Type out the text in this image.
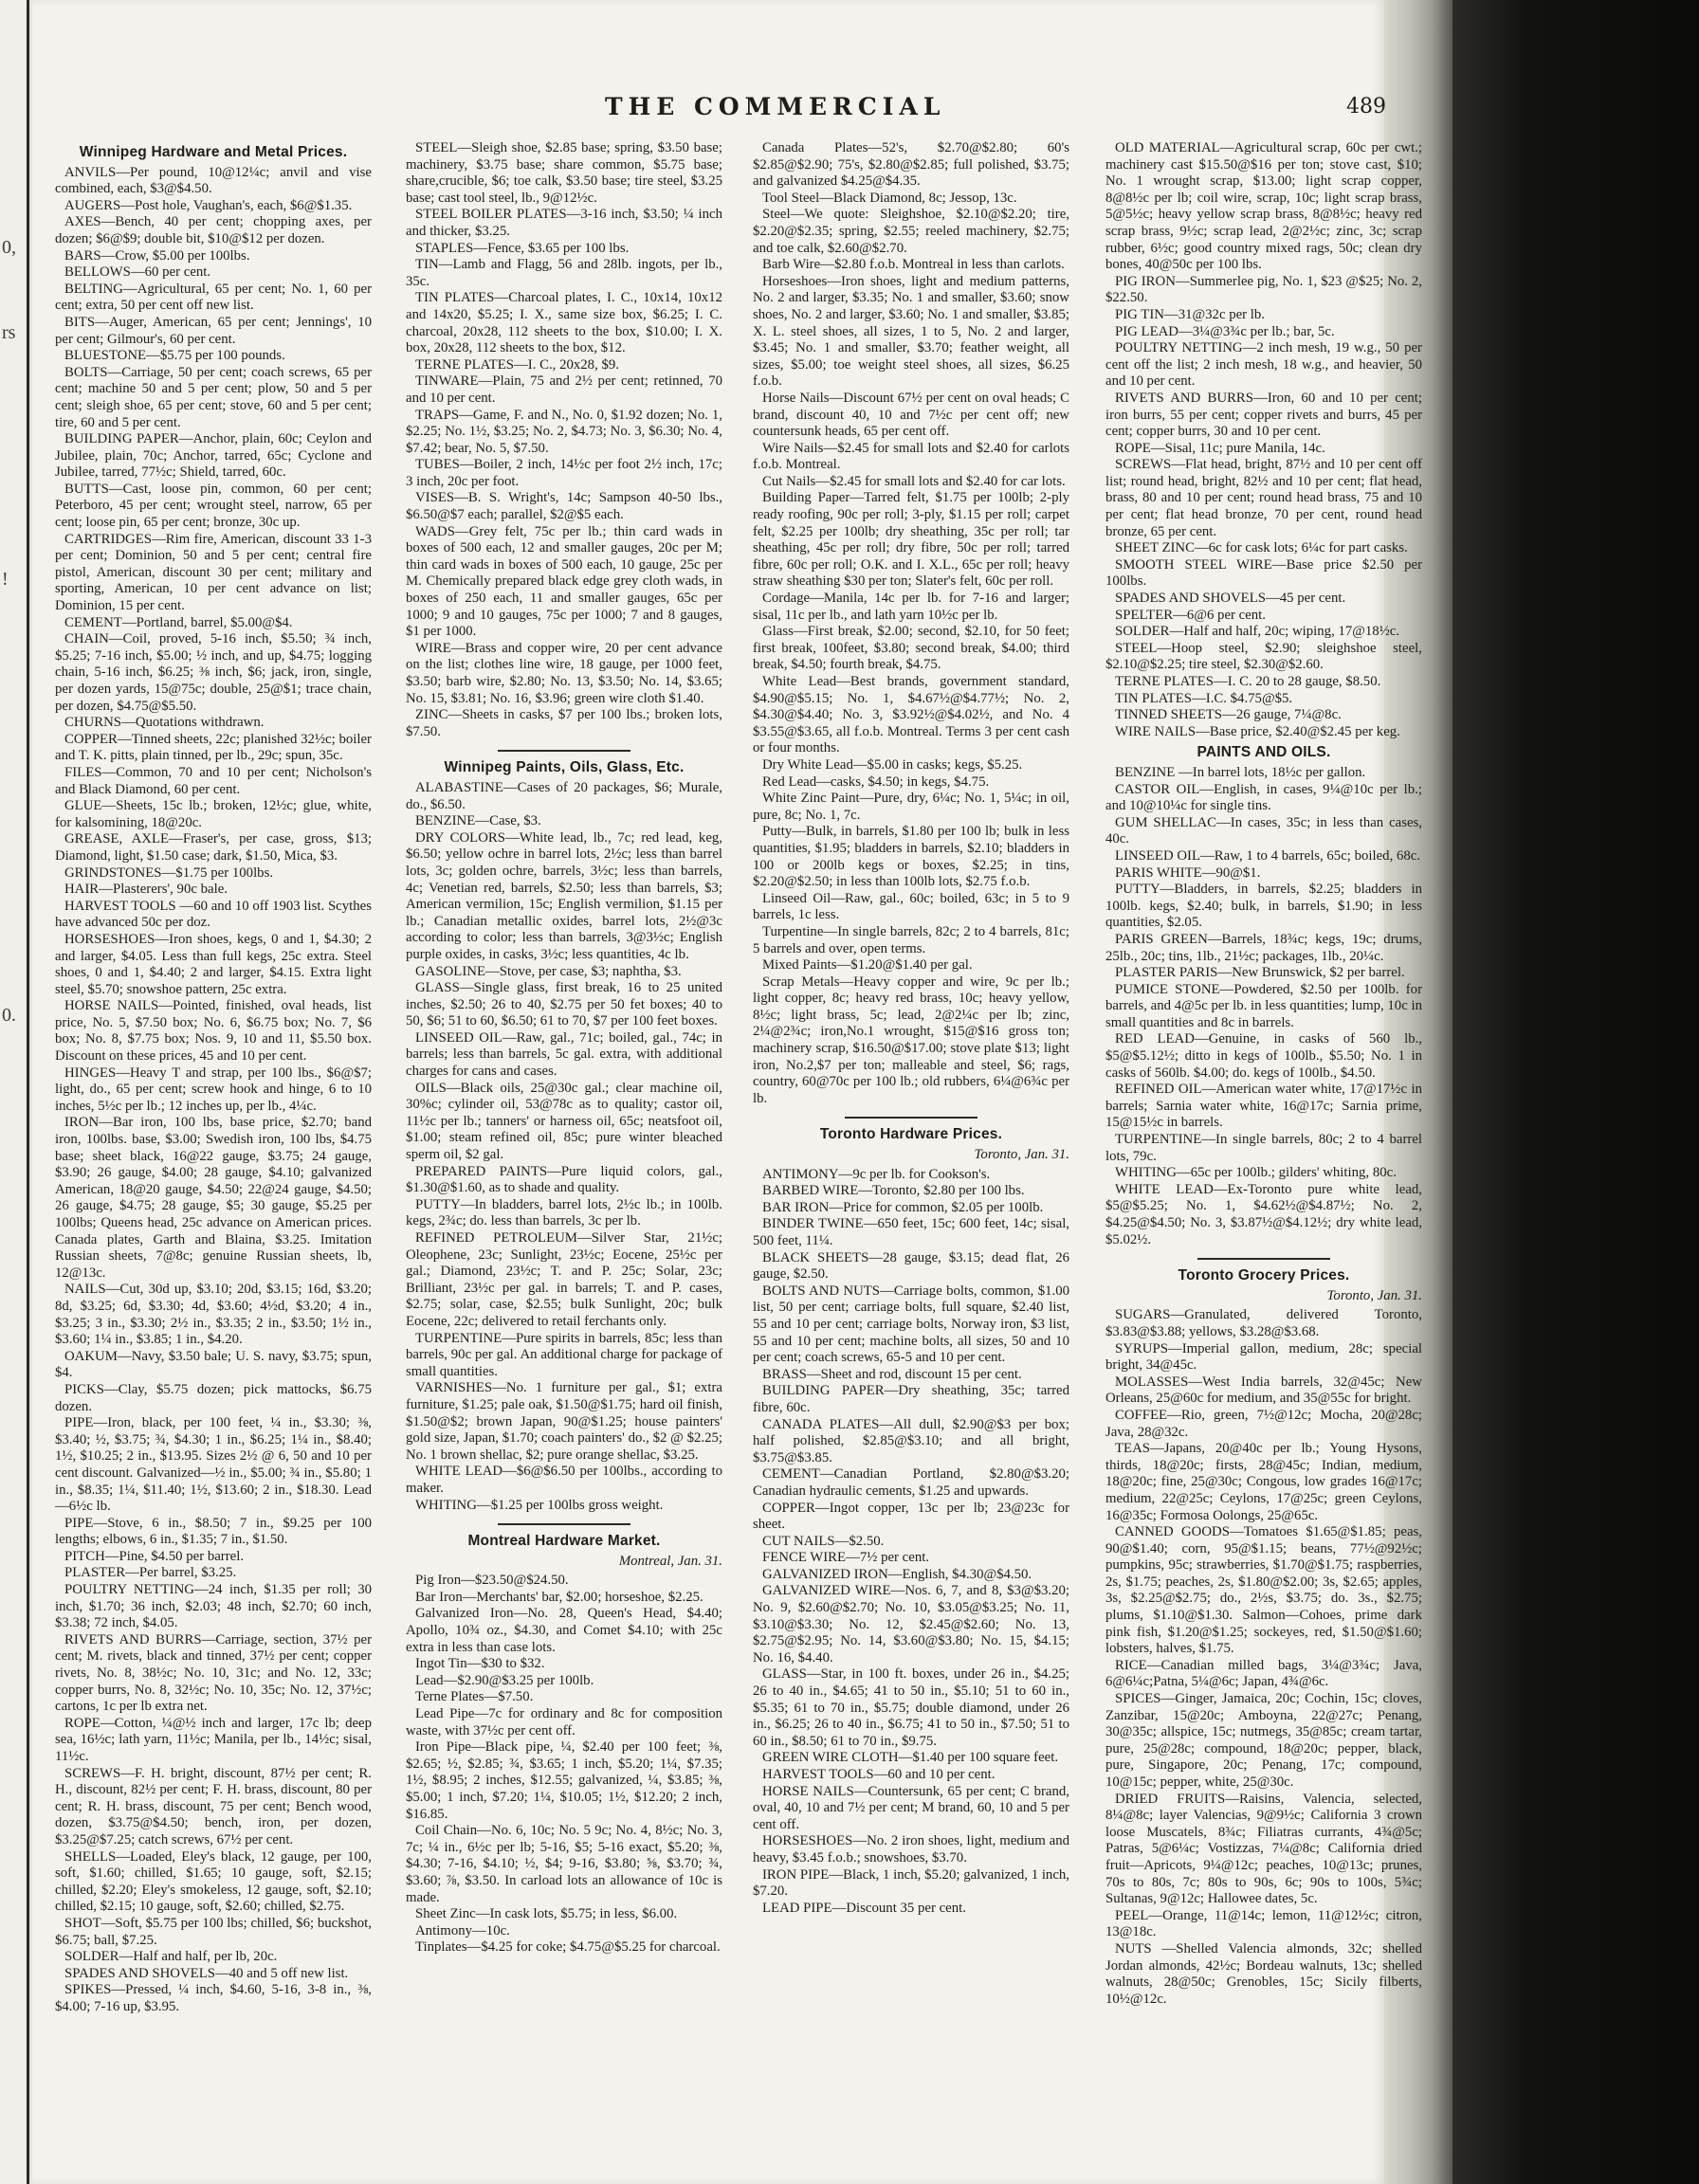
0,
rs
!
0.
THE COMMERCIAL	489
Winnipeg Hardware and Metal Prices.

ANVILS—Per pound, 10@12¼c; anvil and vise combined, each, $3@$4.50.

AUGERS—Post hole, Vaughan's, each, $6@$1.35.

AXES—Bench, 40 per cent; chopping axes, per dozen; $6@$9; double bit, $10@$12 per dozen.

BARS—Crow, $5.00 per 100lbs.

BELLOWS—60 per cent.

BELTING—Agricultural, 65 per cent; No. 1, 60 per cent; extra, 50 per cent off new list.

BITS—Auger, American, 65 per cent; Jennings', 10 per cent; Gilmour's, 60 per cent.

BLUESTONE—$5.75 per 100 pounds.

BOLTS—Carriage, 50 per cent; coach screws, 65 per cent; machine 50 and 5 per cent; plow, 50 and 5 per cent; sleigh shoe, 65 per cent; stove, 60 and 5 per cent; tire, 60 and 5 per cent.

BUILDING PAPER—Anchor, plain, 60c; Ceylon and Jubilee, plain, 70c; Anchor, tarred, 65c; Cyclone and Jubilee, tarred, 77½c; Shield, tarred, 60c.

BUTTS—Cast, loose pin, common, 60 per cent; Peterboro, 45 per cent; wrought steel, narrow, 65 per cent; loose pin, 65 per cent; bronze, 30c up.

CARTRIDGES—Rim fire, American, discount 33 1-3 per cent; Dominion, 50 and 5 per cent; central fire pistol, American, discount 30 per cent; military and sporting, American, 10 per cent advance on list; Dominion, 15 per cent.

CEMENT—Portland, barrel, $5.00@$4.

CHAIN—Coil, proved, 5-16 inch, $5.50; ¾ inch, $5.25; 7-16 inch, $5.00; ½ inch, and up, $4.75; logging chain, 5-16 inch, $6.25; ⅜ inch, $6; jack, iron, single, per dozen yards, 15@75c; double, 25@$1; trace chain, per dozen, $4.75@$5.50.

CHURNS—Quotations withdrawn.

COPPER—Tinned sheets, 22c; planished 32½c; boiler and T. K. pitts, plain tinned, per lb., 29c; spun, 35c.

FILES—Common, 70 and 10 per cent; Nicholson's and Black Diamond, 60 per cent.

GLUE—Sheets, 15c lb.; broken, 12½c; glue, white, for kalsomining, 18@20c.

GREASE, AXLE—Fraser's, per case, gross, $13; Diamond, light, $1.50 case; dark, $1.50, Mica, $3.

GRINDSTONES—$1.75 per 100lbs.

HAIR—Plasterers', 90c bale.

HARVEST TOOLS —60 and 10 off 1903 list. Scythes have advanced 50c per doz.

HORSESHOES—Iron shoes, kegs, 0 and 1, $4.30; 2 and larger, $4.05. Less than full kegs, 25c extra. Steel shoes, 0 and 1, $4.40; 2 and larger, $4.15. Extra light steel, $5.70; snowshoe pattern, 25c extra.

HORSE NAILS—Pointed, finished, oval heads, list price, No. 5, $7.50 box; No. 6, $6.75 box; No. 7, $6 box; No. 8, $7.75 box; Nos. 9, 10 and 11, $5.50 box. Discount on these prices, 45 and 10 per cent.

HINGES—Heavy T and strap, per 100 lbs., $6@$7; light, do., 65 per cent; screw hook and hinge, 6 to 10 inches, 5½c per lb.; 12 inches up, per lb., 4¼c.

IRON—Bar iron, 100 lbs, base price, $2.70; band iron, 100lbs. base, $3.00; Swedish iron, 100 lbs, $4.75 base; sheet black, 16@22 gauge, $3.75; 24 gauge, $3.90; 26 gauge, $4.00; 28 gauge, $4.10; galvanized American, 18@20 gauge, $4.50; 22@24 gauge, $4.50; 26 gauge, $4.75; 28 gauge, $5; 30 gauge, $5.25 per 100lbs; Queens head, 25c advance on American prices. Canada plates, Garth and Blaina, $3.25. Imitation Russian sheets, 7@8c; genuine Russian sheets, lb, 12@13c.

NAILS—Cut, 30d up, $3.10; 20d, $3.15; 16d, $3.20; 8d, $3.25; 6d, $3.30; 4d, $3.60; 4½d, $3.20; 4 in., $3.25; 3 in., $3.30; 2½ in., $3.35; 2 in., $3.50; 1½ in., $3.60; 1¼ in., $3.85; 1 in., $4.20.

OAKUM—Navy, $3.50 bale; U. S. navy, $3.75; spun, $4.

PICKS—Clay, $5.75 dozen; pick mattocks, $6.75 dozen.

PIPE—Iron, black, per 100 feet, ¼ in., $3.30; ⅜, $3.40; ½, $3.75; ¾, $4.30; 1 in., $6.25; 1¼ in., $8.40; 1½, $10.25; 2 in., $13.95. Sizes 2½ @ 6, 50 and 10 per cent discount. Galvanized—½ in., $5.00; ¾ in., $5.80; 1 in., $8.35; 1¼, $11.40; 1½, $13.60; 2 in., $18.30. Lead—6½c lb.

PIPE—Stove, 6 in., $8.50; 7 in., $9.25 per 100 lengths; elbows, 6 in., $1.35; 7 in., $1.50.

PITCH—Pine, $4.50 per barrel.

PLASTER—Per barrel, $3.25.

POULTRY NETTING—24 inch, $1.35 per roll; 30 inch, $1.70; 36 inch, $2.03; 48 inch, $2.70; 60 inch, $3.38; 72 inch, $4.05.

RIVETS AND BURRS—Carriage, section, 37½ per cent; M. rivets, black and tinned, 37½ per cent; copper rivets, No. 8, 38½c; No. 10, 31c; and No. 12, 33c; copper burrs, No. 8, 32½c; No. 10, 35c; No. 12, 37½c; cartons, 1c per lb extra net.

ROPE—Cotton, ¼@½ inch and larger, 17c lb; deep sea, 16½c; lath yarn, 11½c; Manila, per lb., 14½c; sisal, 11½c.

SCREWS—F. H. bright, discount, 87½ per cent; R. H., discount, 82½ per cent; F. H. brass, discount, 80 per cent; R. H. brass, discount, 75 per cent; Bench wood, dozen, $3.75@$4.50; bench, iron, per dozen, $3.25@$7.25; catch screws, 67½ per cent.

SHELLS—Loaded, Eley's black, 12 gauge, per 100, soft, $1.60; chilled, $1.65; 10 gauge, soft, $2.15; chilled, $2.20; Eley's smokeless, 12 gauge, soft, $2.10; chilled, $2.15; 10 gauge, soft, $2.60; chilled, $2.75.

SHOT—Soft, $5.75 per 100 lbs; chilled, $6; buckshot, $6.75; ball, $7.25.

SOLDER—Half and half, per lb, 20c.

SPADES AND SHOVELS—40 and 5 off new list.

SPIKES—Pressed, ¼ inch, $4.60, 5-16, 3-8 in., ⅜, $4.00; 7-16 up, $3.95.

STEEL—Sleigh shoe, $2.85 base; spring, $3.50 base; machinery, $3.75 base; share common, $5.75 base; share,crucible, $6; toe calk, $3.50 base; tire steel, $3.25 base; cast tool steel, lb., 9@12½c.

STEEL BOILER PLATES—3-16 inch, $3.50; ¼ inch and thicker, $3.25.

STAPLES—Fence, $3.65 per 100 lbs.

TIN—Lamb and Flagg, 56 and 28lb. ingots, per lb., 35c.

TIN PLATES—Charcoal plates, I. C., 10x14, 10x12 and 14x20, $5.25; I. X., same size box, $6.25; I. C. charcoal, 20x28, 112 sheets to the box, $10.00; I. X. box, 20x28, 112 sheets to the box, $12.

TERNE PLATES—I. C., 20x28, $9.

TINWARE—Plain, 75 and 2½ per cent; retinned, 70 and 10 per cent.

TRAPS—Game, F. and N., No. 0, $1.92 dozen; No. 1, $2.25; No. 1½, $3.25; No. 2, $4.73; No. 3, $6.30; No. 4, $7.42; bear, No. 5, $7.50.

TUBES—Boiler, 2 inch, 14½c per foot 2½ inch, 17c; 3 inch, 20c per foot.

VISES—B. S. Wright's, 14c; Sampson 40-50 lbs., $6.50@$7 each; parallel, $2@$5 each.

WADS—Grey felt, 75c per lb.; thin card wads in boxes of 500 each, 12 and smaller gauges, 20c per M; thin card wads in boxes of 500 each, 10 gauge, 25c per M. Chemically prepared black edge grey cloth wads, in boxes of 250 each, 11 and smaller gauges, 65c per 1000; 9 and 10 gauges, 75c per 1000; 7 and 8 gauges, $1 per 1000.

WIRE—Brass and copper wire, 20 per cent advance on the list; clothes line wire, 18 gauge, per 1000 feet, $3.50; barb wire, $2.80; No. 13, $3.50; No. 14, $3.65; No. 15, $3.81; No. 16, $3.96; green wire cloth $1.40.

ZINC—Sheets in casks, $7 per 100 lbs.; broken lots, $7.50.

Winnipeg Paints, Oils, Glass, Etc.

ALABASTINE—Cases of 20 packages, $6; Murale, do., $6.50.

BENZINE—Case, $3.

DRY COLORS—White lead, lb., 7c; red lead, keg, $6.50; yellow ochre in barrel lots, 2½c; less than barrel lots, 3c; golden ochre, barrels, 3½c; less than barrels, 4c; Venetian red, barrels, $2.50; less than barrels, $3; American vermilion, 15c; English vermilion, $1.15 per lb.; Canadian metallic oxides, barrel lots, 2½@3c according to color; less than barrels, 3@3½c; English purple oxides, in casks, 3½c; less quantities, 4c lb.

GASOLINE—Stove, per case, $3; naphtha, $3.

GLASS—Single glass, first break, 16 to 25 united inches, $2.50; 26 to 40, $2.75 per 50 fet boxes; 40 to 50, $6; 51 to 60, $6.50; 61 to 70, $7 per 100 feet boxes.

LINSEED OIL—Raw, gal., 71c; boiled, gal., 74c; in barrels; less than barrels, 5c gal. extra, with additional charges for cans and cases.

OILS—Black oils, 25@30c gal.; clear machine oil, 30%c; cylinder oil, 53@78c as to quality; castor oil, 11½c per lb.; tanners' or harness oil, 65c; neatsfoot oil, $1.00; steam refined oil, 85c; pure winter bleached sperm oil, $2 gal.

PREPARED PAINTS—Pure liquid colors, gal., $1.30@$1.60, as to shade and quality.

PUTTY—In bladders, barrel lots, 2½c lb.; in 100lb. kegs, 2¾c; do. less than barrels, 3c per lb.

REFINED PETROLEUM—Silver Star, 21½c; Oleophene, 23c; Sunlight, 23½c; Eocene, 25½c per gal.; Diamond, 23½c; T. and P. 25c; Solar, 23c; Brilliant, 23½c per gal. in barrels; T. and P. cases, $2.75; solar, case, $2.55; bulk Sunlight, 20c; bulk Eocene, 22c; delivered to retail ferchants only.

TURPENTINE—Pure spirits in barrels, 85c; less than barrels, 90c per gal. An additional charge for package of small quantities.

VARNISHES—No. 1 furniture per gal., $1; extra furniture, $1.25; pale oak, $1.50@$1.75; hard oil finish, $1.50@$2; brown Japan, 90@$1.25; house painters' gold size, Japan, $1.70; coach painters' do., $2 @ $2.25; No. 1 brown shellac, $2; pure orange shellac, $3.25.

WHITE LEAD—$6@$6.50 per 100lbs., according to maker.

WHITING—$1.25 per 100lbs gross weight.

Montreal Hardware Market.

Montreal, Jan. 31.

Pig Iron—$23.50@$24.50.

Bar Iron—Merchants' bar, $2.00; horseshoe, $2.25.

Galvanized Iron—No. 28, Queen's Head, $4.40; Apollo, 10¾ oz., $4.30, and Comet $4.10; with 25c extra in less than case lots.

Ingot Tin—$30 to $32.

Lead—$2.90@$3.25 per 100lb.

Terne Plates—$7.50.

Lead Pipe—7c for ordinary and 8c for composition waste, with 37½c per cent off.

Iron Pipe—Black pipe, ¼, $2.40 per 100 feet; ⅜, $2.65; ½, $2.85; ¾, $3.65; 1 inch, $5.20; 1¼, $7.35; 1½, $8.95; 2 inches, $12.55; galvanized, ¼, $3.85; ⅜, $5.00; 1 inch, $7.20; 1¼, $10.05; 1½, $12.20; 2 inch, $16.85.

Coil Chain—No. 6, 10c; No. 5 9c; No. 4, 8½c; No. 3, 7c; ¼ in., 6½c per lb; 5-16, $5; 5-16 exact, $5.20; ⅜, $4.30; 7-16, $4.10; ½, $4; 9-16, $3.80; ⅝, $3.70; ¾, $3.60; ⅞, $3.50. In carload lots an allowance of 10c is made.

Sheet Zinc—In cask lots, $5.75; in less, $6.00.

Antimony—10c.

Tinplates—$4.25 for coke; $4.75@$5.25 for charcoal.

Canada Plates—52's, $2.70@$2.80; 60's $2.85@$2.90; 75's, $2.80@$2.85; full polished, $3.75; and galvanized $4.25@$4.35.

Tool Steel—Black Diamond, 8c; Jessop, 13c.

Steel—We quote: Sleighshoe, $2.10@$2.20; tire, $2.20@$2.35; spring, $2.55; reeled machinery, $2.75; and toe calk, $2.60@$2.70.

Barb Wire—$2.80 f.o.b. Montreal in less than carlots.

Horseshoes—Iron shoes, light and medium patterns, No. 2 and larger, $3.35; No. 1 and smaller, $3.60; snow shoes, No. 2 and larger, $3.60; No. 1 and smaller, $3.85; X. L. steel shoes, all sizes, 1 to 5, No. 2 and larger, $3.45; No. 1 and smaller, $3.70; feather weight, all sizes, $5.00; toe weight steel shoes, all sizes, $6.25 f.o.b.

Horse Nails—Discount 67½ per cent on oval heads; C brand, discount 40, 10 and 7½c per cent off; new countersunk heads, 65 per cent off.

Wire Nails—$2.45 for small lots and $2.40 for carlots f.o.b. Montreal.

Cut Nails—$2.45 for small lots and $2.40 for car lots.

Building Paper—Tarred felt, $1.75 per 100lb; 2-ply ready roofing, 90c per roll; 3-ply, $1.15 per roll; carpet felt, $2.25 per 100lb; dry sheathing, 35c per roll; tar sheathing, 45c per roll; dry fibre, 50c per roll; tarred fibre, 60c per roll; O.K. and I. X.L., 65c per roll; heavy straw sheathing $30 per ton; Slater's felt, 60c per roll.

Cordage—Manila, 14c per lb. for 7-16 and larger; sisal, 11c per lb., and lath yarn 10½c per lb.

Glass—First break, $2.00; second, $2.10, for 50 feet; first break, 100feet, $3.80; second break, $4.00; third break, $4.50; fourth break, $4.75.

White Lead—Best brands, government standard, $4.90@$5.15; No. 1, $4.67½@$4.77½; No. 2, $4.30@$4.40; No. 3, $3.92½@$4.02½, and No. 4 $3.55@$3.65, all f.o.b. Montreal. Terms 3 per cent cash or four months.

Dry White Lead—$5.00 in casks; kegs, $5.25.

Red Lead—casks, $4.50; in kegs, $4.75.

White Zinc Paint—Pure, dry, 6¼c; No. 1, 5¼c; in oil, pure, 8c; No. 1, 7c.

Putty—Bulk, in barrels, $1.80 per 100 lb; bulk in less quantities, $1.95; bladders in barrels, $2.10; bladders in 100 or 200lb kegs or boxes, $2.25; in tins, $2.20@$2.50; in less than 100lb lots, $2.75 f.o.b.

Linseed Oil—Raw, gal., 60c; boiled, 63c; in 5 to 9 barrels, 1c less.

Turpentine—In single barrels, 82c; 2 to 4 barrels, 81c; 5 barrels and over, open terms.

Mixed Paints—$1.20@$1.40 per gal.

Scrap Metals—Heavy copper and wire, 9c per lb.; light copper, 8c; heavy red brass, 10c; heavy yellow, 8½c; light brass, 5c; lead, 2@2¼c per lb; zinc, 2¼@2¾c; iron,No.1 wrought, $15@$16 gross ton; machinery scrap, $16.50@$17.00; stove plate $13; light iron, No.2,$7 per ton; malleable and steel, $6; rags, country, 60@70c per 100 lb.; old rubbers, 6¼@6¾c per lb.

Toronto Hardware Prices.

Toronto, Jan. 31.

ANTIMONY—9c per lb. for Cookson's.

BARBED WIRE—Toronto, $2.80 per 100 lbs.

BAR IRON—Price for common, $2.05 per 100lb.

BINDER TWINE—650 feet, 15c; 600 feet, 14c; sisal, 500 feet, 11¼.

BLACK SHEETS—28 gauge, $3.15; dead flat, 26 gauge, $2.50.

BOLTS AND NUTS—Carriage bolts, common, $1.00 list, 50 per cent; carriage bolts, full square, $2.40 list, 55 and 10 per cent; carriage bolts, Norway iron, $3 list, 55 and 10 per cent; machine bolts, all sizes, 50 and 10 per cent; coach screws, 65-5 and 10 per cent.

BRASS—Sheet and rod, discount 15 per cent.

BUILDING PAPER—Dry sheathing, 35c; tarred fibre, 60c.

CANADA PLATES—All dull, $2.90@$3 per box; half polished, $2.85@$3.10; and all bright, $3.75@$3.85.

CEMENT—Canadian Portland, $2.80@$3.20; Canadian hydraulic cements, $1.25 and upwards.

COPPER—Ingot copper, 13c per lb; 23@23c for sheet.

CUT NAILS—$2.50.

FENCE WIRE—7½ per cent.

GALVANIZED IRON—English, $4.30@$4.50.

GALVANIZED WIRE—Nos. 6, 7, and 8, $3@$3.20; No. 9, $2.60@$2.70; No. 10, $3.05@$3.25; No. 11, $3.10@$3.30; No. 12, $2.45@$2.60; No. 13, $2.75@$2.95; No. 14, $3.60@$3.80; No. 15, $4.15; No. 16, $4.40.

GLASS—Star, in 100 ft. boxes, under 26 in., $4.25; 26 to 40 in., $4.65; 41 to 50 in., $5.10; 51 to 60 in., $5.35; 61 to 70 in., $5.75; double diamond, under 26 in., $6.25; 26 to 40 in., $6.75; 41 to 50 in., $7.50; 51 to 60 in., $8.50; 61 to 70 in., $9.75.

GREEN WIRE CLOTH—$1.40 per 100 square feet.

HARVEST TOOLS—60 and 10 per cent.

HORSE NAILS—Countersunk, 65 per cent; C brand, oval, 40, 10 and 7½ per cent; M brand, 60, 10 and 5 per cent off.

HORSESHOES—No. 2 iron shoes, light, medium and heavy, $3.45 f.o.b.; snowshoes, $3.70.

IRON PIPE—Black, 1 inch, $5.20; galvanized, 1 inch, $7.20.

LEAD PIPE—Discount 35 per cent.

OLD MATERIAL—Agricultural scrap, 60c per cwt.; machinery cast $15.50@$16 per ton; stove cast, $10; No. 1 wrought scrap, $13.00; light scrap copper, 8@8½c per lb; coil wire, scrap, 10c; light scrap brass, 5@5½c; heavy yellow scrap brass, 8@8½c; heavy red scrap brass, 9½c; scrap lead, 2@2½c; zinc, 3c; scrap rubber, 6½c; good country mixed rags, 50c; clean dry bones, 40@50c per 100 lbs.

PIG IRON—Summerlee pig, No. 1, $23 @$25; No. 2, $22.50.

PIG TIN—31@32c per lb.

PIG LEAD—3¼@3¾c per lb.; bar, 5c.

POULTRY NETTING—2 inch mesh, 19 w.g., 50 per cent off the list; 2 inch mesh, 18 w.g., and heavier, 50 and 10 per cent.

RIVETS AND BURRS—Iron, 60 and 10 per cent; iron burrs, 55 per cent; copper rivets and burrs, 45 per cent; copper burrs, 30 and 10 per cent.

ROPE—Sisal, 11c; pure Manila, 14c.

SCREWS—Flat head, bright, 87½ and 10 per cent off list; round head, bright, 82½ and 10 per cent; flat head, brass, 80 and 10 per cent; round head brass, 75 and 10 per cent; flat head bronze, 70 per cent, round head bronze, 65 per cent.

SHEET ZINC—6c for cask lots; 6¼c for part casks.

SMOOTH STEEL WIRE—Base price $2.50 per 100lbs.

SPADES AND SHOVELS—45 per cent.

SPELTER—6@6 per cent.

SOLDER—Half and half, 20c; wiping, 17@18½c.

STEEL—Hoop steel, $2.90; sleighshoe steel, $2.10@$2.25; tire steel, $2.30@$2.60.

TERNE PLATES—I. C. 20 to 28 gauge, $8.50.

TIN PLATES—I.C. $4.75@$5.

TINNED SHEETS—26 gauge, 7¼@8c.

WIRE NAILS—Base price, $2.40@$2.45 per keg.

PAINTS AND OILS.

BENZINE —In barrel lots, 18½c per gallon.

CASTOR OIL—English, in cases, 9¼@10c per lb.; and 10@10¼c for single tins.

GUM SHELLAC—In cases, 35c; in less than cases, 40c.

LINSEED OIL—Raw, 1 to 4 barrels, 65c; boiled, 68c.

PARIS WHITE—90@$1.

PUTTY—Bladders, in barrels, $2.25; bladders in 100lb. kegs, $2.40; bulk, in barrels, $1.90; in less quantities, $2.05.

PARIS GREEN—Barrels, 18¾c; kegs, 19c; drums, 25lb., 20c; tins, 1lb., 21½c; packages, 1lb., 20¼c.

PLASTER PARIS—New Brunswick, $2 per barrel.

PUMICE STONE—Powdered, $2.50 per 100lb. for barrels, and 4@5c per lb. in less quantities; lump, 10c in small quantities and 8c in barrels.

RED LEAD—Genuine, in casks of 560 lb., $5@$5.12½; ditto in kegs of 100lb., $5.50; No. 1 in casks of 560lb. $4.00; do. kegs of 100lb., $4.50.

REFINED OIL—American water white, 17@17½c in barrels; Sarnia water white, 16@17c; Sarnia prime, 15@15½c in barrels.

TURPENTINE—In single barrels, 80c; 2 to 4 barrel lots, 79c.

WHITING—65c per 100lb.; gilders' whiting, 80c.

WHITE LEAD—Ex-Toronto pure white lead, $5@$5.25; No. 1, $4.62½@$4.87½; No. 2, $4.25@$4.50; No. 3, $3.87½@$4.12½; dry white lead, $5.02½.

Toronto Grocery Prices.

Toronto, Jan. 31.

SUGARS—Granulated, delivered Toronto, $3.83@$3.88; yellows, $3.28@$3.68.

SYRUPS—Imperial gallon, medium, 28c; special bright, 34@45c.

MOLASSES—West India barrels, 32@45c; New Orleans, 25@60c for medium, and 35@55c for bright.

COFFEE—Rio, green, 7½@12c; Mocha, 20@28c; Java, 28@32c.

TEAS—Japans, 20@40c per lb.; Young Hysons, thirds, 18@20c; firsts, 28@45c; Indian, medium, 18@20c; fine, 25@30c; Congous, low grades 16@17c; medium, 22@25c; Ceylons, 17@25c; green Ceylons, 16@35c; Formosa Oolongs, 25@65c.

CANNED GOODS—Tomatoes $1.65@$1.85; peas, 90@$1.40; corn, 95@$1.15; beans, 77½@92½c; pumpkins, 95c; strawberries, $1.70@$1.75; raspberries, 2s, $1.75; peaches, 2s, $1.80@$2.00; 3s, $2.65; apples, 3s, $2.25@$2.75; do., 2½s, $3.75; do. 3s., $2.75; plums, $1.10@$1.30. Salmon—Cohoes, prime dark pink fish, $1.20@$1.25; sockeyes, red, $1.50@$1.60; lobsters, halves, $1.75.

RICE—Canadian milled bags, 3¼@3¾c; Java, 6@6¼c;Patna, 5¼@6c; Japan, 4¾@6c.

SPICES—Ginger, Jamaica, 20c; Cochin, 15c; cloves, Zanzibar, 15@20c; Amboyna, 22@27c; Penang, 30@35c; allspice, 15c; nutmegs, 35@85c; cream tartar, pure, 25@28c; compound, 18@20c; pepper, black, pure, Singapore, 20c; Penang, 17c; compound, 10@15c; pepper, white, 25@30c.

DRIED FRUITS—Raisins, Valencia, selected, 8¼@8c; layer Valencias, 9@9½c; California 3 crown loose Muscatels, 8¾c; Filiatras currants, 4¾@5c; Patras, 5@6¼c; Vostizzas, 7¼@8c; California dried fruit—Apricots, 9¼@12c; peaches, 10@13c; prunes, 70s to 80s, 7c; 80s to 90s, 6c; 90s to 100s, 5¾c; Sultanas, 9@12c; Hallowee dates, 5c.

PEEL—Orange, 11@14c; lemon, 11@12½c; citron, 13@18c.

NUTS —Shelled Valencia almonds, 32c; shelled Jordan almonds, 42½c; Bordeau walnuts, 13c; shelled walnuts, 28@50c; Grenobles, 15c; Sicily filberts, 10½@12c.
